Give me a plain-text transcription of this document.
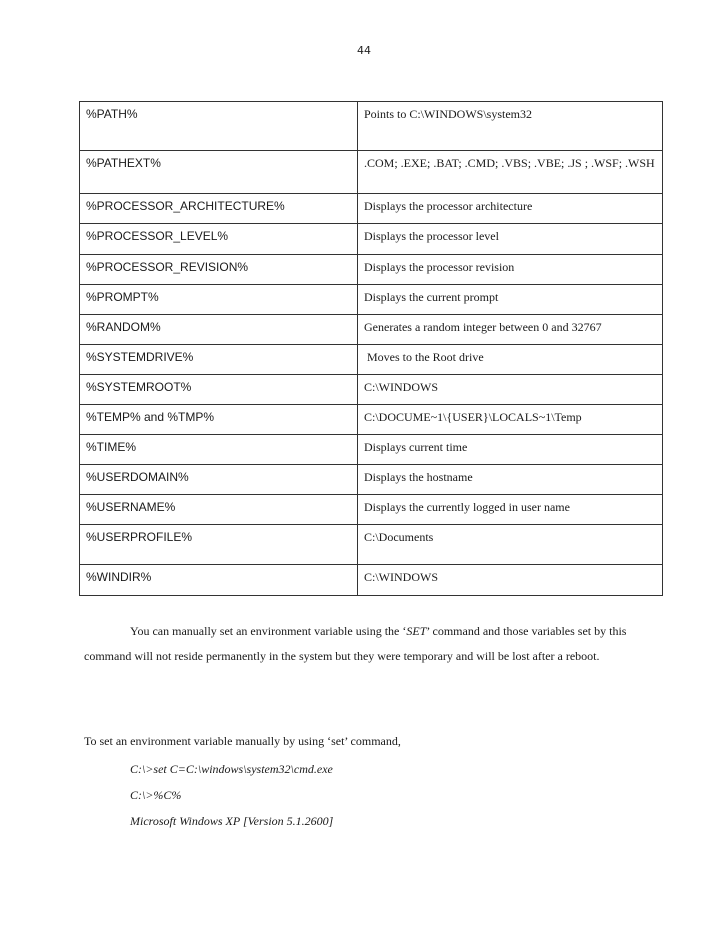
44
%PATH%	Points to C:\WINDOWS\system32
%PATHEXT%	.COM; .EXE; .BAT; .CMD; .VBS; .VBE; .JS ; .WSF; .WSH
%PROCESSOR_ARCHITECTURE%	Displays the processor architecture
%PROCESSOR_LEVEL%	Displays the processor level
%PROCESSOR_REVISION%	Displays the processor revision
%PROMPT%	Displays the current prompt
%RANDOM%	Generates a random integer between 0 and 32767
%SYSTEMDRIVE%	Moves to the Root drive
%SYSTEMROOT%	C:\WINDOWS
%TEMP% and %TMP%	C:\DOCUME~1\{USER}\LOCALS~1\Temp
%TIME%	Displays current time
%USERDOMAIN%	Displays the hostname
%USERNAME%	Displays the currently logged in user name
%USERPROFILE%	C:\Documents
%WINDIR%	C:\WINDOWS

You can manually set an environment variable using the ‘SET’ command and those variables set by this command will not reside permanently in the system but they were temporary and will be lost after a reboot.

To set an environment variable manually by using ‘set’ command,

C:\>set C=C:\windows\system32\cmd.exe
C:\>%C%
Microsoft Windows XP [Version 5.1.2600]
